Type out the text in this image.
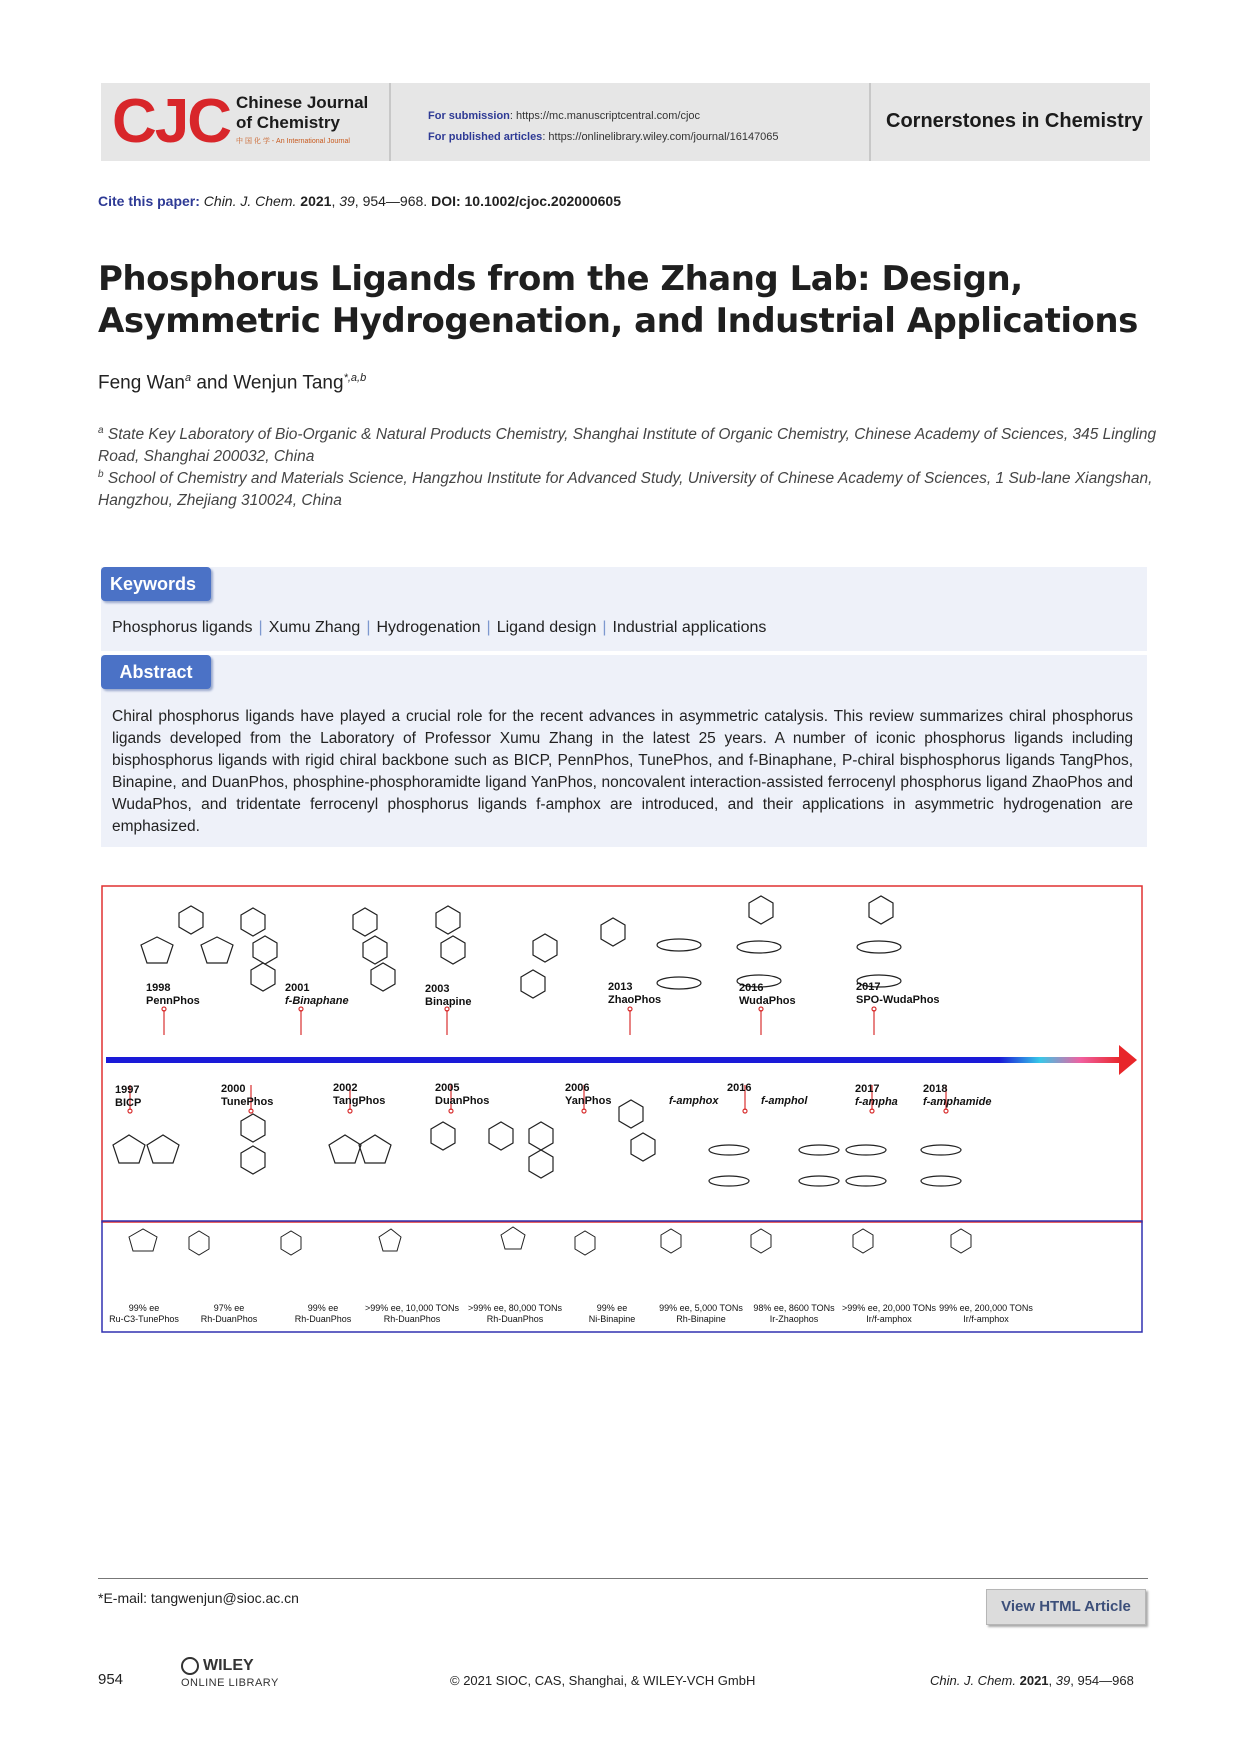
CJC Chinese Journal
of Chemistry
中 国 化 学 - An International Journal
For submission: https://mc.manuscriptcentral.com/cjoc
For published articles: https://onlinelibrary.wiley.com/journal/16147065
Cornerstones in Chemistry
Cite this paper: Chin. J. Chem. 2021, 39, 954—968. DOI: 10.1002/cjoc.202000605
Phosphorus Ligands from the Zhang Lab: Design, Asymmetric Hydrogenation, and Industrial Applications
Feng Wan$^a$ and Wenjun Tang$^{*,a,b}$
$^a$ State Key Laboratory of Bio-Organic & Natural Products Chemistry, Shanghai Institute of Organic Chemistry, Chinese Academy of Sciences, 345 Lingling Road, Shanghai 200032, China
$^b$ School of Chemistry and Materials Science, Hangzhou Institute for Advanced Study, University of Chinese Academy of Sciences, 1 Sub-lane Xiangshan, Hangzhou, Zhejiang 310024, China
Keywords
Phosphorus ligands | Xumu Zhang | Hydrogenation | Ligand design | Industrial applications
Abstract
Chiral phosphorus ligands have played a crucial role for the recent advances in asymmetric catalysis. This review summarizes chiral phosphorus ligands developed from the Laboratory of Professor Xumu Zhang in the latest 25 years. A number of iconic phosphorus ligands including bisphosphorus ligands with rigid chiral backbone such as BICP, PennPhos, TunePhos, and f-Binaphane, P-chiral bisphosphorus ligands TangPhos, Binapine, and DuanPhos, phosphine-phosphoramidte ligand YanPhos, noncovalent interaction-assisted ferrocenyl phosphorus ligand ZhaoPhos and WudaPhos, and tridentate ferrocenyl phosphorus ligands f-amphox are introduced, and their applications in asymmetric hydrogenation are emphasized.
1998
PennPhos
2001
f-Binaphane
2003
Binapine
2013
ZhaoPhos
2016
WudaPhos
2017
SPO-WudaPhos
1997
BICP
2000
TunePhos
2002
TangPhos
2005
DuanPhos
2006
YanPhos	f-amphox
2016
f-amphol
2017
f-ampha
2018
f-amphamide
99% ee
Ru-C3-TunePhos
97% ee
Rh-DuanPhos
99% ee
Rh-DuanPhos
>99% ee, 10,000 TONs
Rh-DuanPhos
>99% ee, 80,000 TONs
Rh-DuanPhos
99% ee
Ni-Binapine
99% ee, 5,000 TONs
Rh-Binapine
98% ee, 8600 TONs
Ir-Zhaophos
>99% ee, 20,000 TONs
Ir/f-amphox
99% ee, 200,000 TONs
Ir/f-amphox
*E-mail: tangwenjun@sioc.ac.cn	View HTML Article
954
WILEY
ONLINE LIBRARY	© 2021 SIOC, CAS, Shanghai, & WILEY-VCH GmbH	Chin. J. Chem. 2021, 39, 954—968
